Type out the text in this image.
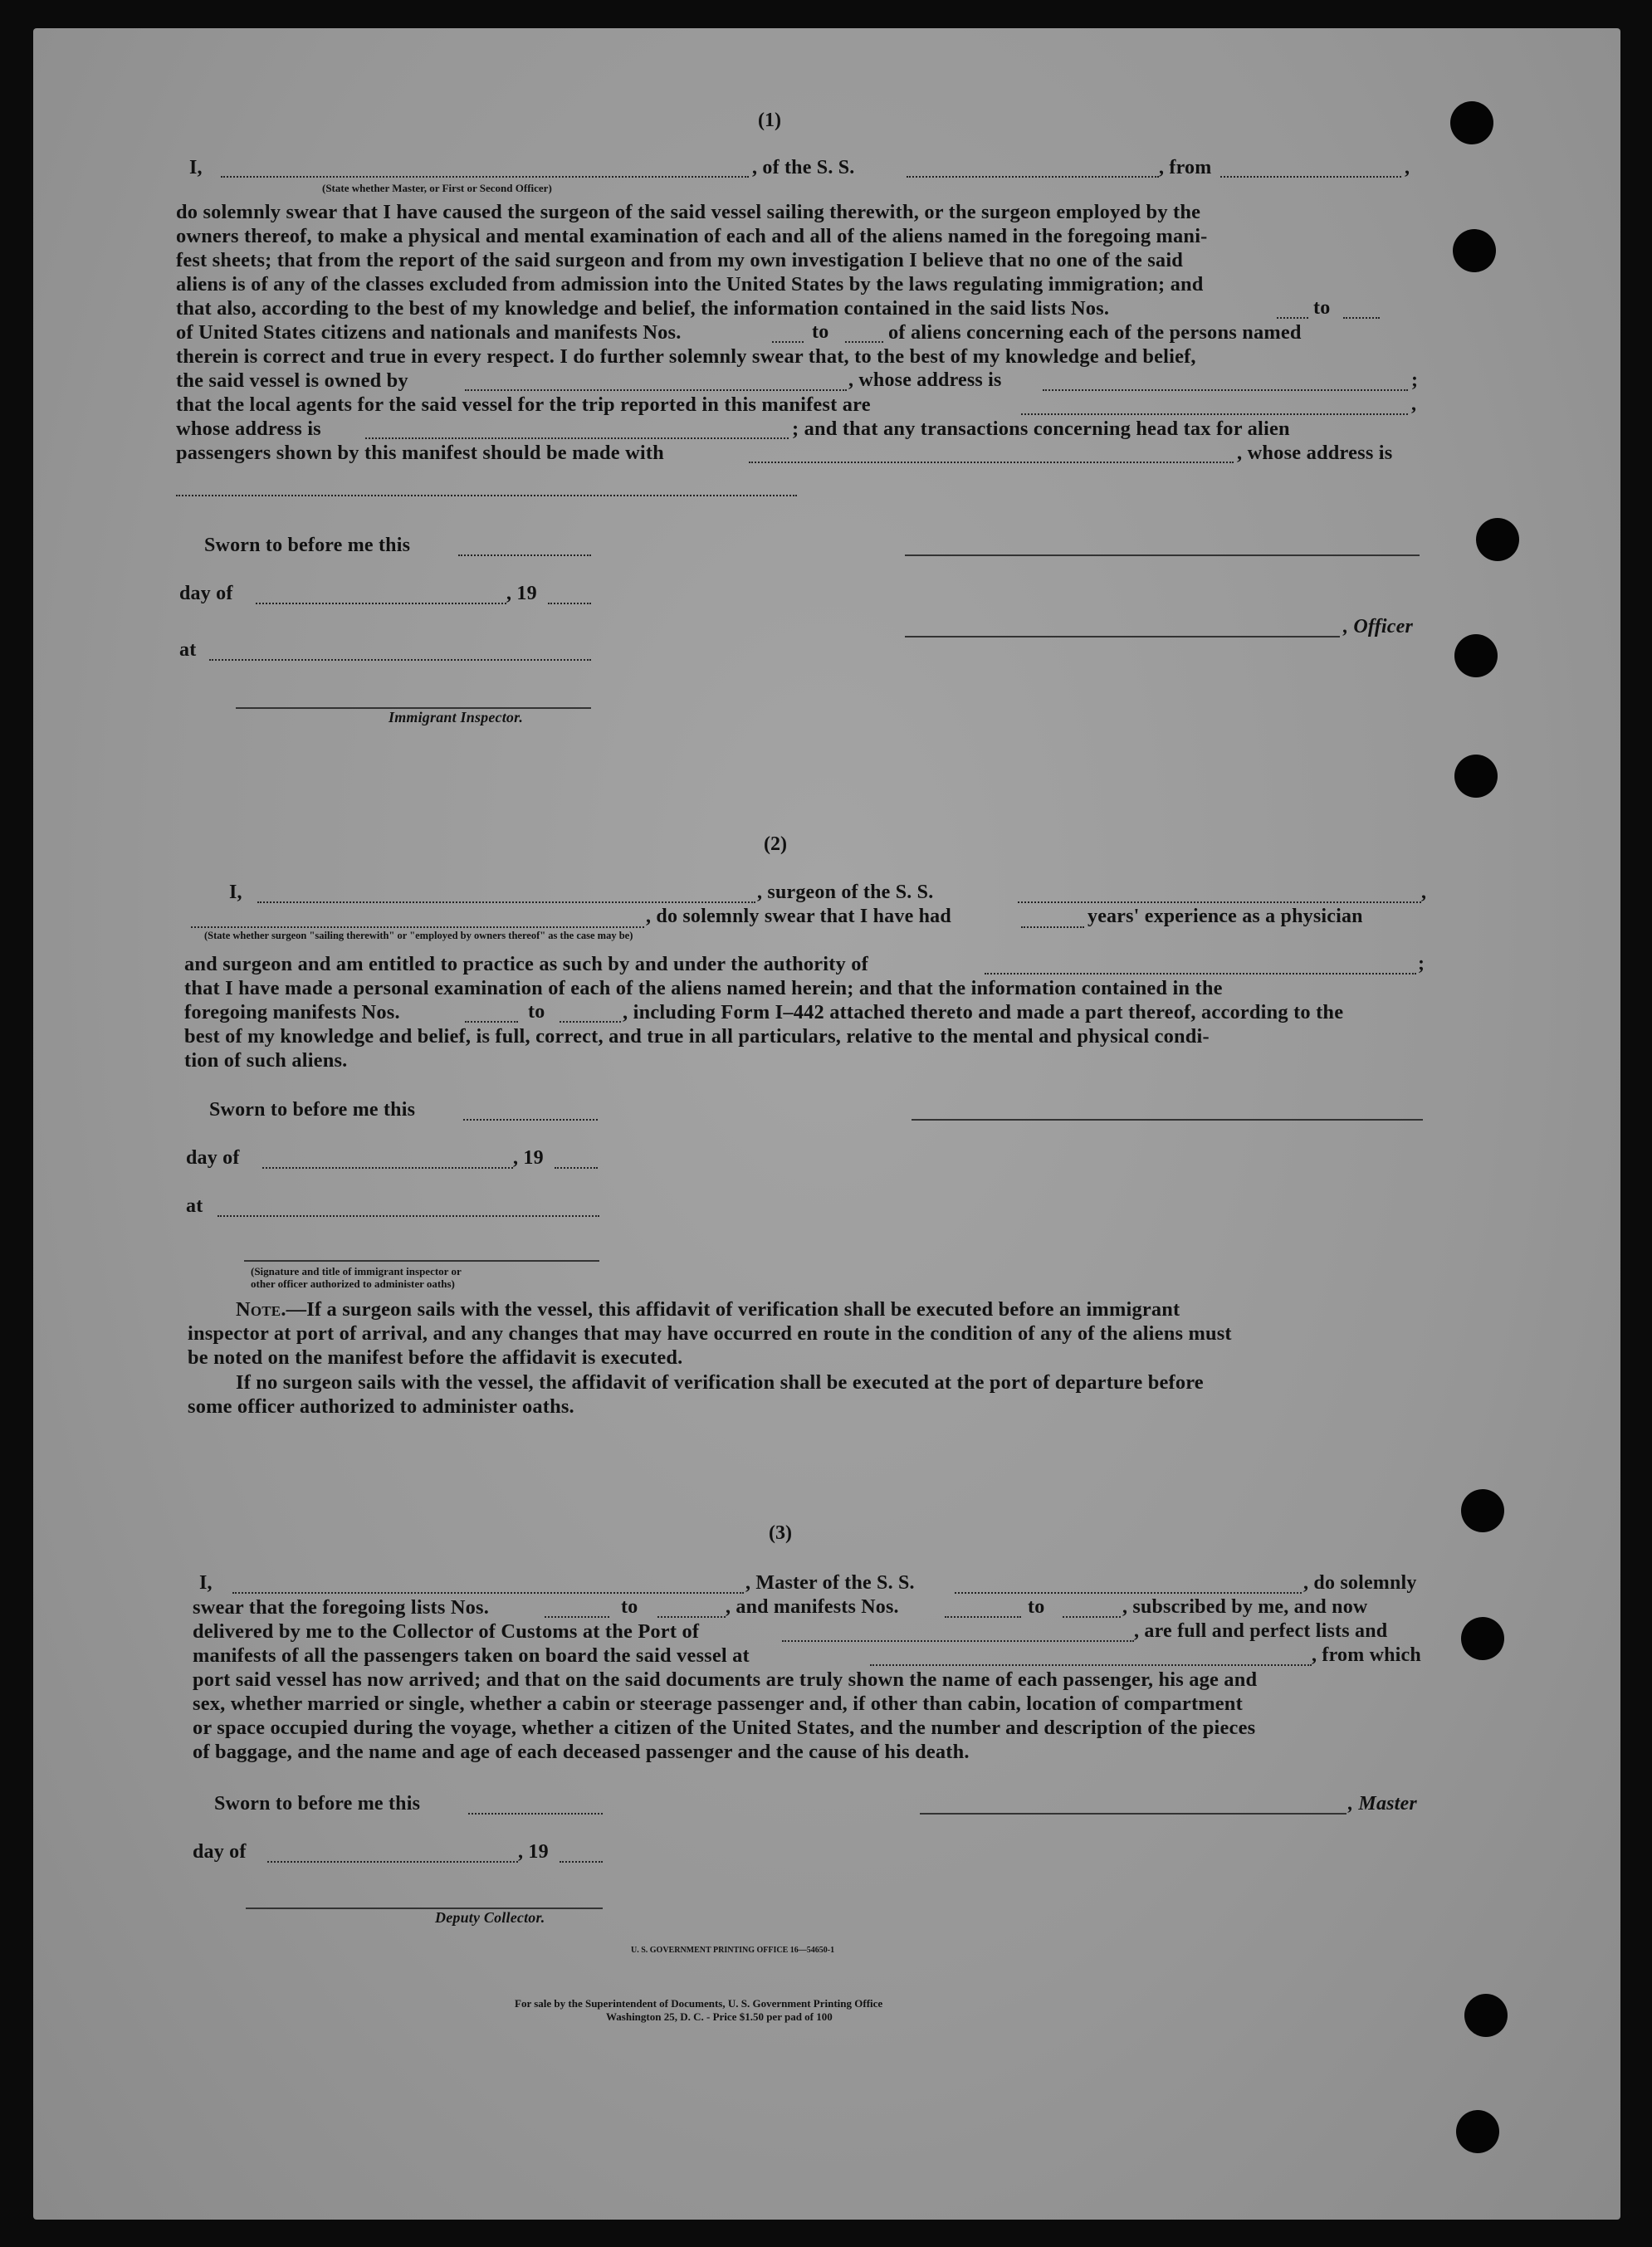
(1)
I,	, of the S. S.	, from	,
(State whether Master, or First or Second Officer)
do solemnly swear that I have caused the surgeon of the said vessel sailing therewith, or the surgeon employed by the
owners thereof, to make a physical and mental examination of each and all of the aliens named in the foregoing mani-
fest sheets; that from the report of the said surgeon and from my own investigation I believe that no one of the said
aliens is of any of the classes excluded from admission into the United States by the laws regulating immigration; and
that also, according to the best of my knowledge and belief, the information contained in the said lists Nos.	to
of United States citizens and nationals and manifests Nos.	to	of aliens concerning each of the persons named
therein is correct and true in every respect. I do further solemnly swear that, to the best of my knowledge and belief,
the said vessel is owned by	, whose address is	;
that the local agents for the said vessel for the trip reported in this manifest are	,
whose address is	; and that any transactions concerning head tax for alien
passengers shown by this manifest should be made with	, whose address is
Sworn to before me this
day of	, 19
, Officer
at
Immigrant Inspector.
(2)
I,	, surgeon of the S. S.	,
, do solemnly swear that I have had	years' experience as a physician
(State whether surgeon "sailing therewith" or "employed by owners thereof" as the case may be)
and surgeon and am entitled to practice as such by and under the authority of	;
that I have made a personal examination of each of the aliens named herein; and that the information contained in the
foregoing manifests Nos.	to	, including Form I–442 attached thereto and made a part thereof, according to the
best of my knowledge and belief, is full, correct, and true in all particulars, relative to the mental and physical condi-
tion of such aliens.
Sworn to before me this
day of	, 19
at
(Signature and title of immigrant inspector or
other officer authorized to administer oaths)
Note.—If a surgeon sails with the vessel, this affidavit of verification shall be executed before an immigrant
inspector at port of arrival, and any changes that may have occurred en route in the condition of any of the aliens must
be noted on the manifest before the affidavit is executed.
If no surgeon sails with the vessel, the affidavit of verification shall be executed at the port of departure before
some officer authorized to administer oaths.
(3)
I,	, Master of the S. S.	, do solemnly
swear that the foregoing lists Nos.	to	, and manifests Nos.	to	, subscribed by me, and now
delivered by me to the Collector of Customs at the Port of	, are full and perfect lists and
manifests of all the passengers taken on board the said vessel at	, from which
port said vessel has now arrived; and that on the said documents are truly shown the name of each passenger, his age and
sex, whether married or single, whether a cabin or steerage passenger and, if other than cabin, location of compartment
or space occupied during the voyage, whether a citizen of the United States, and the number and description of the pieces
of baggage, and the name and age of each deceased passenger and the cause of his death.
Sworn to before me this	, Master
day of	, 19
Deputy Collector.
U. S. GOVERNMENT PRINTING OFFICE 16—54650-1
For sale by the Superintendent of Documents, U. S. Government Printing Office
Washington 25, D. C. - Price $1.50 per pad of 100
